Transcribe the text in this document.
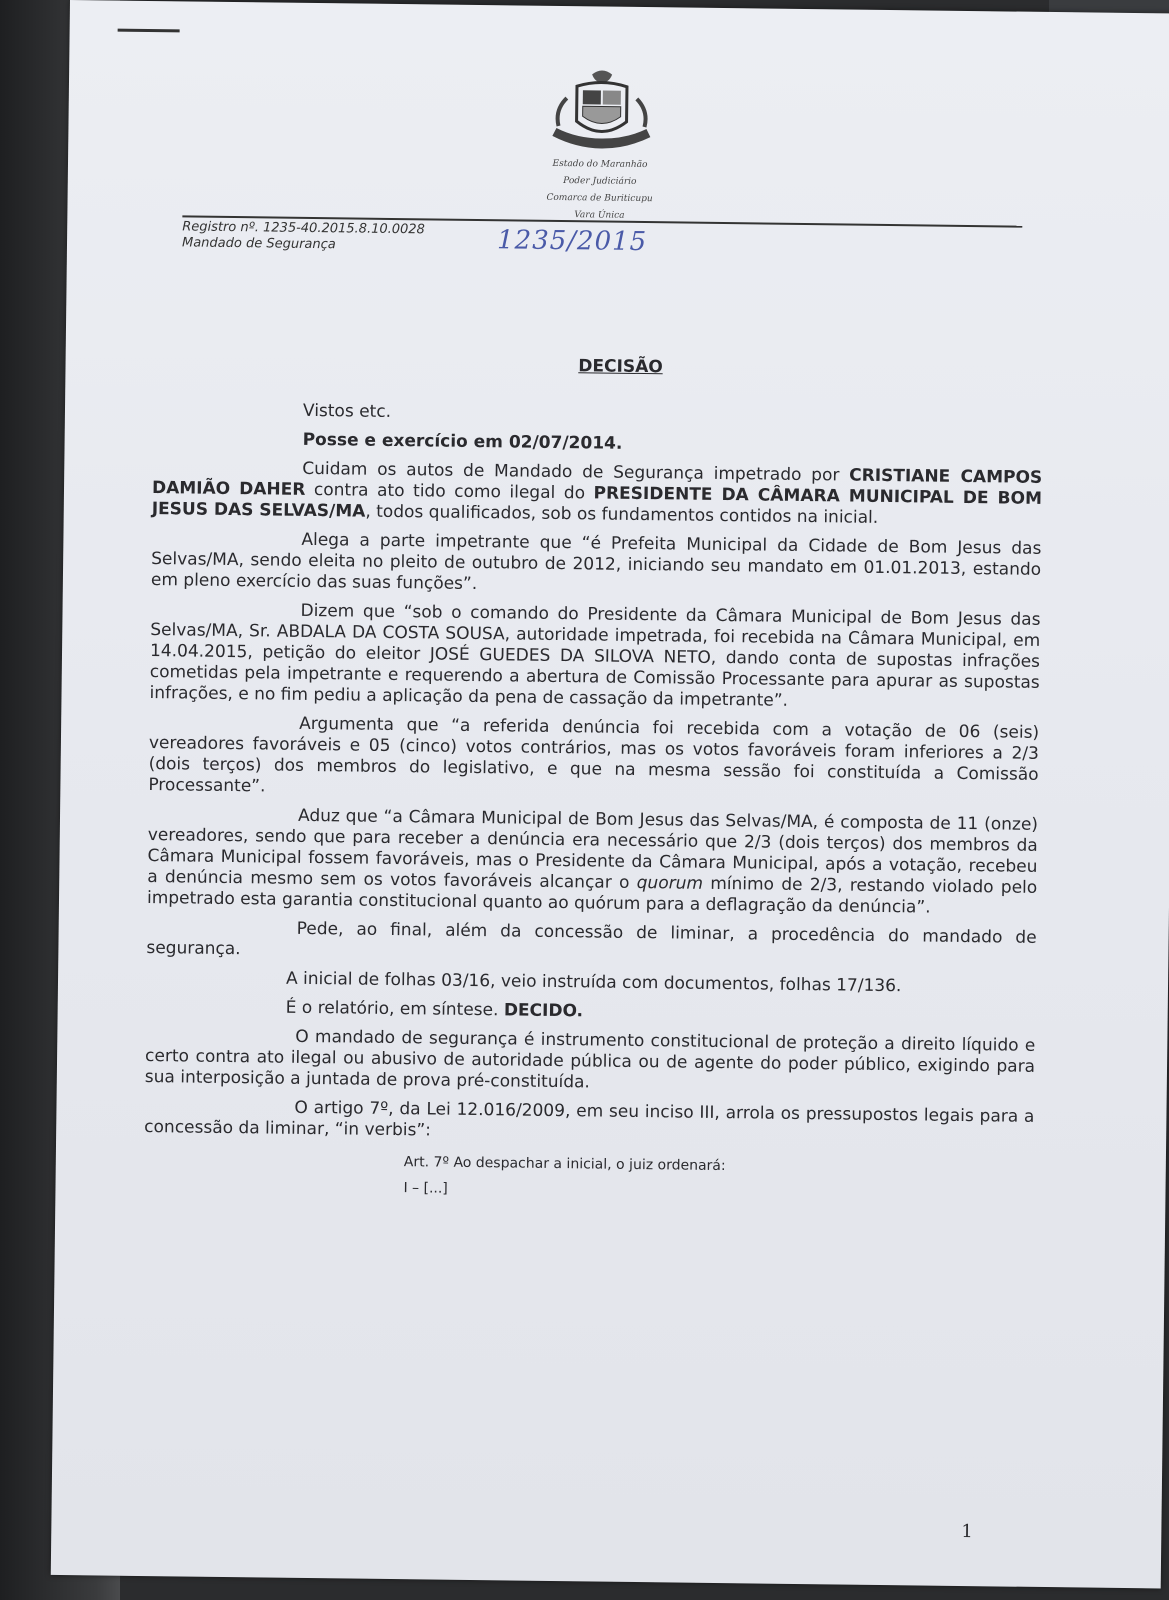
Estado do Maranhão
Poder Judiciário
Comarca de Buriticupu
Vara Única
Registro nº. 1235-40.2015.8.10.0028
Mandado de Segurança	1235/2015
DECISÃO

Vistos etc.

Posse e exercício em 02/07/2014.

Cuidam os autos de Mandado de Segurança impetrado por CRISTIANE CAMPOS DAMIÃO DAHER contra ato tido como ilegal do PRESIDENTE DA CÂMARA MUNICIPAL DE BOM JESUS DAS SELVAS/MA, todos qualificados, sob os fundamentos contidos na inicial.

Alega a parte impetrante que “é Prefeita Municipal da Cidade de Bom Jesus das Selvas/MA, sendo eleita no pleito de outubro de 2012, iniciando seu mandato em 01.01.2013, estando em pleno exercício das suas funções”.

Dizem que “sob o comando do Presidente da Câmara Municipal de Bom Jesus das Selvas/MA, Sr. ABDALA DA COSTA SOUSA, autoridade impetrada, foi recebida na Câmara Municipal, em 14.04.2015, petição do eleitor JOSÉ GUEDES DA SILOVA NETO, dando conta de supostas infrações cometidas pela impetrante e requerendo a abertura de Comissão Processante para apurar as supostas infrações, e no fim pediu a aplicação da pena de cassação da impetrante”.

Argumenta que “a referida denúncia foi recebida com a votação de 06 (seis) vereadores favoráveis e 05 (cinco) votos contrários, mas os votos favoráveis foram inferiores a 2/3 (dois terços) dos membros do legislativo, e que na mesma sessão foi constituída a Comissão Processante”.

Aduz que “a Câmara Municipal de Bom Jesus das Selvas/MA, é composta de 11 (onze) vereadores, sendo que para receber a denúncia era necessário que 2/3 (dois terços) dos membros da Câmara Municipal fossem favoráveis, mas o Presidente da Câmara Municipal, após a votação, recebeu a denúncia mesmo sem os votos favoráveis alcançar o quorum mínimo de 2/3, restando violado pelo impetrado esta garantia constitucional quanto ao quórum para a deflagração da denúncia”.

Pede, ao final, além da concessão de liminar, a procedência do mandado de segurança.

A inicial de folhas 03/16, veio instruída com documentos, folhas 17/136.

É o relatório, em síntese. DECIDO.

O mandado de segurança é instrumento constitucional de proteção a direito líquido e certo contra ato ilegal ou abusivo de autoridade pública ou de agente do poder público, exigindo para sua interposição a juntada de prova pré-constituída.

O artigo 7º, da Lei 12.016/2009, em seu inciso III, arrola os pressupostos legais para a concessão da liminar, “in verbis”:

Art. 7º Ao despachar a inicial, o juiz ordenará:
I – [...]
1
